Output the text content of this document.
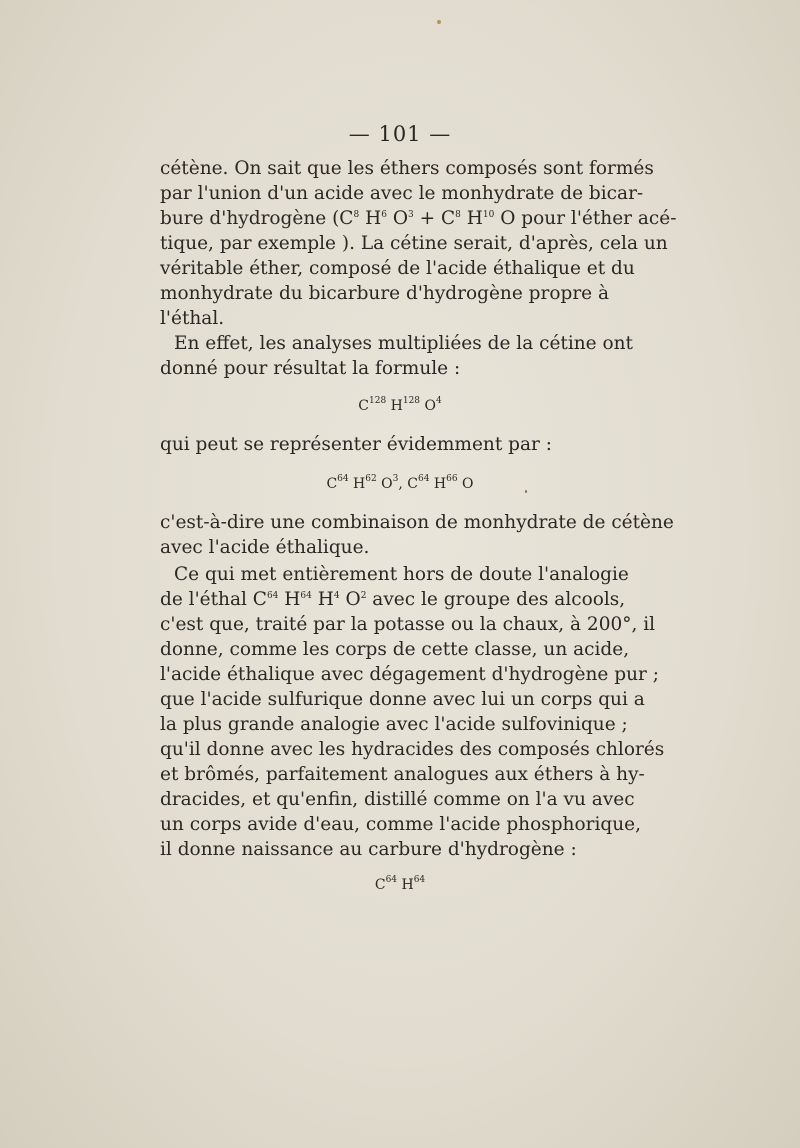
— 101 —
cétène. On sait que les éthers composés sont formés
par l'union d'un acide avec le monhydrate de bicar-
bure d'hydrogène ($C^8$ $H^6$ $O^3 + C^8$ $H^{10}$ O pour l'éther acé-
tique, par exemple ). La cétine serait, d'après, cela un
véritable éther, composé de l'acide éthalique et du
monhydrate du bicarbure d'hydrogène propre à
l'éthal.
En effet, les analyses multipliées de la cétine ont
donné pour résultat la formule :
qui peut se représenter évidemment par :
c'est-à-dire une combinaison de monhydrate de cétène
avec l'acide éthalique.
Ce qui met entièrement hors de doute l'analogie
de l'éthal $C^{64}$ $H^{64}$ $H^4$ $O^2$ avec le groupe des alcools,
c'est que, traité par la potasse ou la chaux, à 200°, il
donne, comme les corps de cette classe, un acide,
l'acide éthalique avec dégagement d'hydrogène pur ;
que l'acide sulfurique donne avec lui un corps qui a
la plus grande analogie avec l'acide sulfovinique ;
qu'il donne avec les hydracides des composés chlorés
et brômés, parfaitement analogues aux éthers à hy-
dracides, et qu'enfin, distillé comme on l'a vu avec
un corps avide d'eau, comme l'acide phosphorique,
il donne naissance au carbure d'hydrogène :
$C^{128}$ $H^{128}$ $O^4$
$C^{64}$ $H^{62}$ $O^3$, $C^{64}$ $H^{66}$ O
$C^{64}$ $H^{64}$
